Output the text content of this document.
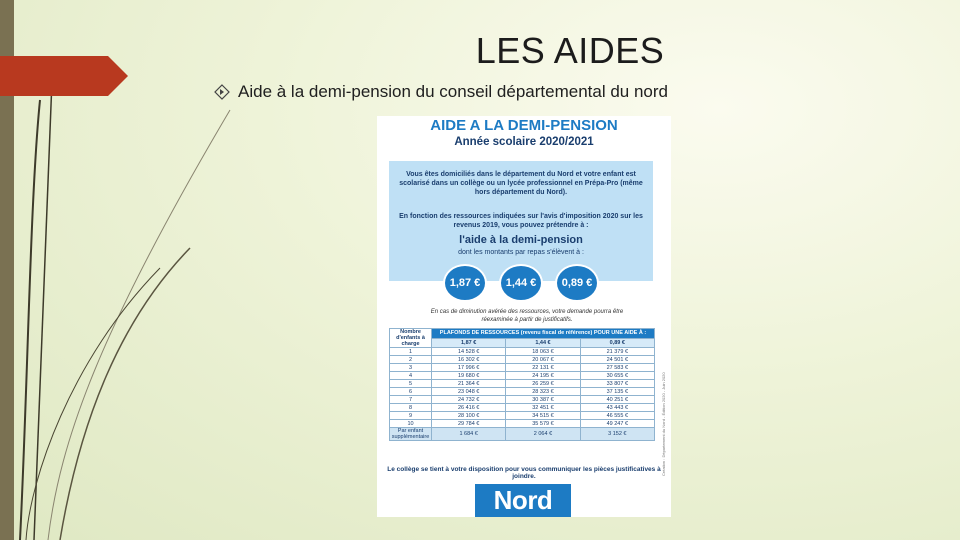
LES AIDES
Aide à la demi-pension du conseil départemental du nord
AIDE A LA DEMI-PENSION
Année scolaire 2020/2021
Vous êtes domiciliés dans le département du Nord et votre enfant est scolarisé dans un collège ou un lycée professionnel en Prépa-Pro (même hors département du Nord).
En fonction des ressources indiquées sur l'avis d'imposition 2020 sur les revenus 2019, vous pouvez prétendre à :
l'aide à la demi-pension
dont les montants par repas s'élèvent à :
1,87 €	1,44 €	0,89 €
En cas de diminution avérée des ressources, votre demande pourra être réexaminée à partir de justificatifs.
Nombre d'enfants à charge	PLAFONDS DE RESSOURCES (revenu fiscal de référence) POUR UNE AIDE À :		
	1,87 €	1,44 €	0,89 €
1	14 528 €	18 063 €	21 379 €
2	16 302 €	20 067 €	24 501 €
3	17 996 €	22 131 €	27 583 €
4	19 680 €	24 195 €	30 655 €
5	21 364 €	26 259 €	33 807 €
6	23 048 €	28 323 €	37 135 €
7	24 732 €	30 387 €	40 251 €
8	26 416 €	32 451 €	43 443 €
9	28 100 €	34 515 €	46 555 €
10	29 784 €	35 579 €	49 247 €
Par enfant supplémentaire	1 684 €	2 064 €	3 152 €	Création : Département du Nord - Édition 2020 - Juin 2020
Le collège se tient à votre disposition pour vous communiquer les pièces justificatives à joindre.
Nord
